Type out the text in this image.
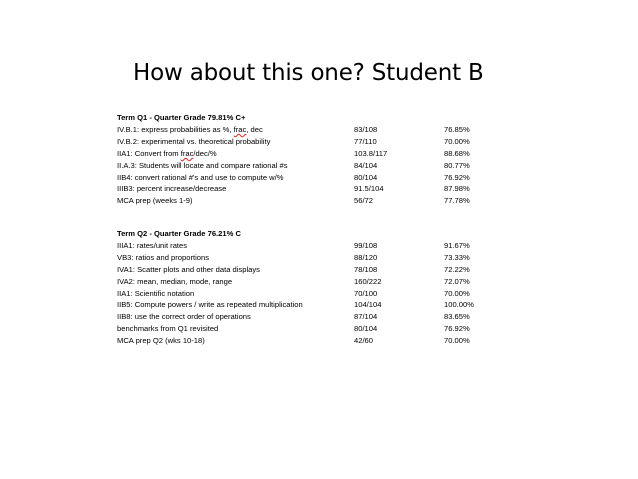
How about this one? Student B
Term Q1 - Quarter Grade 79.81% C+
IV.B.1: express probabilities as %, frac, dec	83/108	76.85%
IV.B.2: experimental vs. theoretical probability	77/110	70.00%
IIA1: Convert from frac/dec/%	103.8/117	88.68%
II.A.3: Students will locate and compare rational #s	84/104	80.77%
IIB4: convert rational #'s and use to compute w/%	80/104	76.92%
IIIB3: percent increase/decrease	91.5/104	87.98%
MCA prep (weeks 1-9)	56/72	77.78%
Term Q2 - Quarter Grade 76.21% C
IIIA1: rates/unit rates	99/108	91.67%
VB3: ratios and proportions	88/120	73.33%
IVA1: Scatter plots and other data displays	78/108	72.22%
IVA2: mean, median, mode, range	160/222	72.07%
IIA1: Scientific notation	70/100	70.00%
IIB5: Compute powers / write as repeated multiplication	104/104	100.00%
IIB8: use the correct order of operations	87/104	83.65%
benchmarks from Q1 revisited	80/104	76.92%
MCA prep Q2 (wks 10-18)	42/60	70.00%
